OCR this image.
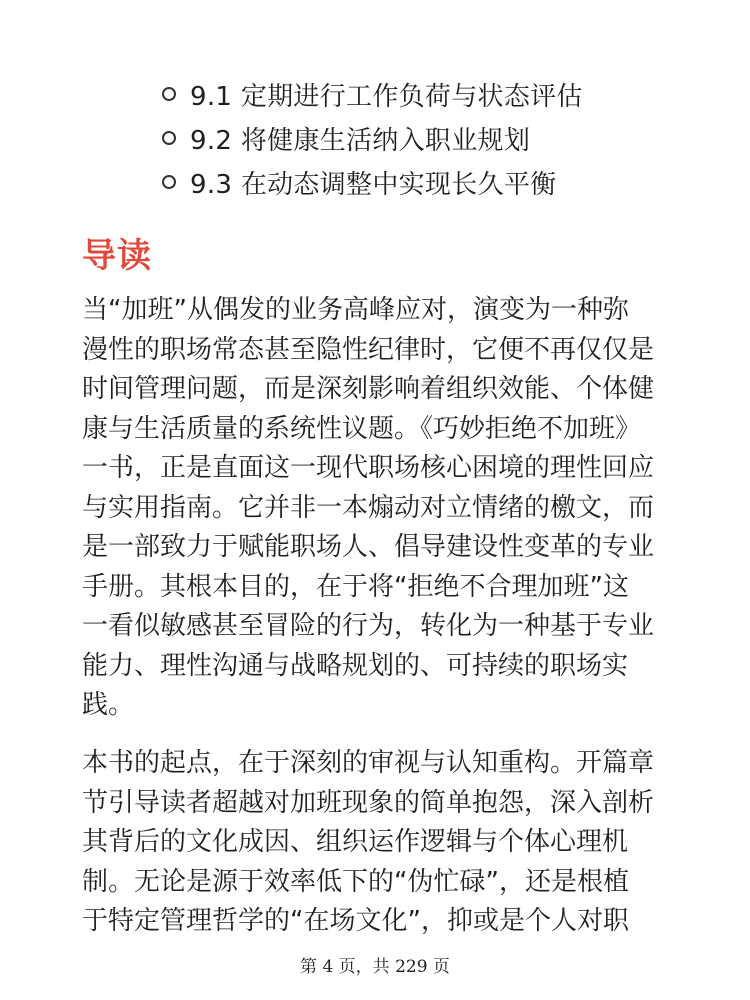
9.1 定期进行工作负荷与状态评估
9.2 将健康生活纳入职业规划
9.3 在动态调整中实现长久平衡
导读

当“加班”从偶发的业务高峰应对，演变为一种弥
漫性的职场常态甚至隐性纪律时，它便不再仅仅是
时间管理问题，而是深刻影响着组织效能、个体健
康与生活质量的系统性议题。《巧妙拒绝不加班》
一书，正是直面这一现代职场核心困境的理性回应
与实用指南。它并非一本煽动对立情绪的檄文，而
是一部致力于赋能职场人、倡导建设性变革的专业
手册。其根本目的，在于将“拒绝不合理加班”这
一看似敏感甚至冒险的行为，转化为一种基于专业
能力、理性沟通与战略规划的、可持续的职场实
践。

本书的起点，在于深刻的审视与认知重构。开篇章
节引导读者超越对加班现象的简单抱怨，深入剖析
其背后的文化成因、组织运作逻辑与个体心理机
制。无论是源于效率低下的“伪忙碌”，还是根植
于特定管理哲学的“在场文化”，抑或是个人对职

第 4 页，共 229 页
